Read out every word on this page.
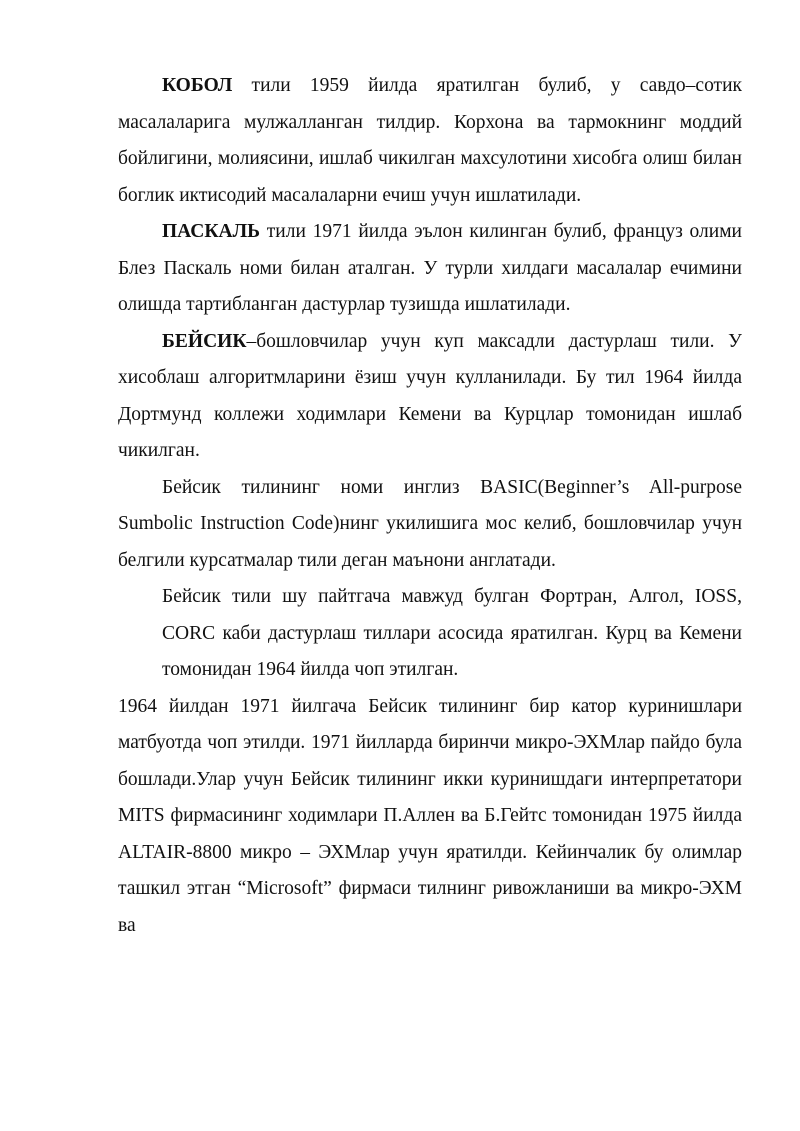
КОБОЛ тили 1959 йилда яратилган булиб, у савдо–сотик масалаларига мулжалланган тилдир. Корхона ва тармокнинг моддий бойлигини, молиясини, ишлаб чикилган махсулотини хисобга олиш билан боглик иктисодий масалаларни ечиш учун ишлатилади.

ПАСКАЛЬ тили 1971 йилда эълон килинган булиб, француз олими Блез Паскаль номи билан аталган. У турли хилдаги масалалар ечимини олишда тартибланган дастурлар тузишда ишлатилади.

БЕЙСИК–бошловчилар учун куп максадли дастурлаш тили. У хисоблаш алгоритмларини ёзиш учун кулланилади. Бу тил 1964 йилда Дортмунд коллежи ходимлари Кемени ва Курцлар томонидан ишлаб чикилган.

Бейсик тилининг номи инглиз BASIC(Beginner’s All-purpose Sumbolic Instruction Code)нинг укилишига мос келиб, бошловчилар учун белгили курсатмалар тили деган маънони англатади.

Бейсик тили шу пайтгача мавжуд булган Фортран, Алгол, IOSS, CORC каби дастурлаш тиллари асосида яратилган. Курц ва Кемени томонидан 1964 йилда чоп этилган.

1964 йилдан 1971 йилгача Бейсик тилининг бир катор куринишлари матбуотда чоп этилди. 1971 йилларда биринчи микро-ЭХМлар пайдо була бошлади.Улар учун Бейсик тилининг икки куринишдаги интерпретатори MITS фирмасининг ходимлари П.Аллен ва Б.Гейтс томонидан 1975 йилда ALTAIR-8800 микро – ЭХМлар учун яратилди. Кейинчалик бу олимлар ташкил этган “Microsoft” фирмаси тилнинг ривожланиши ва микро-ЭХМ ва
